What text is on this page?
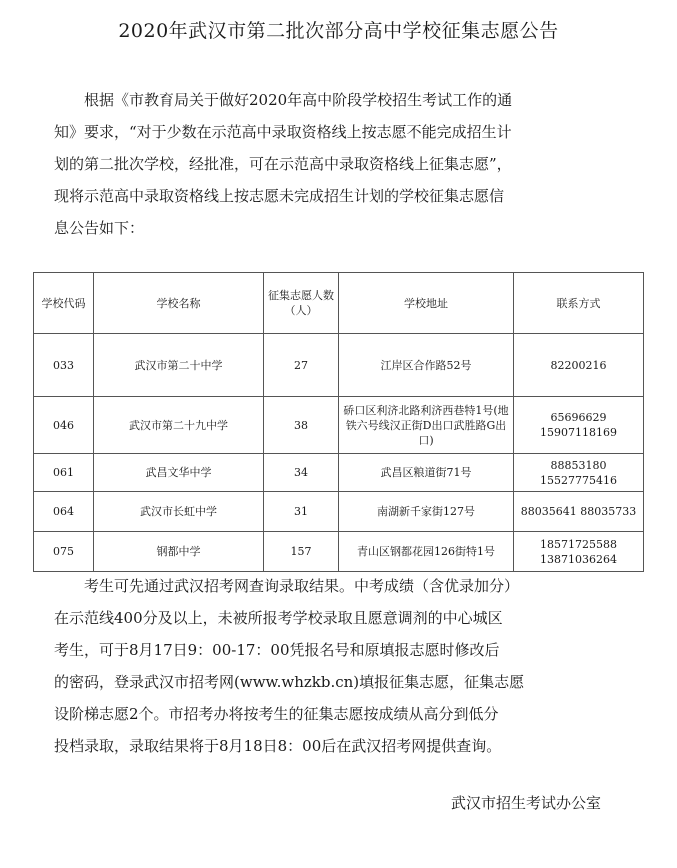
2020年武汉市第二批次部分高中学校征集志愿公告
根据《市教育局关于做好2020年高中阶段学校招生考试工作的通
知》要求，“对于少数在示范高中录取资格线上按志愿不能完成招生计
划的第二批次学校，经批准，可在示范高中录取资格线上征集志愿”，
现将示范高中录取资格线上按志愿未完成招生计划的学校征集志愿信
息公告如下：
学校代码	学校名称	征集志愿人数（人）	学校地址	联系方式
033	武汉市第二十中学	27	江岸区合作路52号	82200216
046	武汉市第二十九中学	38	硚口区利济北路利济西巷特1号(地铁六号线汉正街D出口武胜路G出口)	65696629 15907118169
061	武昌文华中学	34	武昌区粮道街71号	88853180 15527775416
064	武汉市长虹中学	31	南湖新千家街127号	88035641 88035733
075	钢都中学	157	青山区钢都花园126街特1号	18571725588 13871036264
考生可先通过武汉招考网查询录取结果。中考成绩（含优录加分）
在示范线400分及以上，未被所报考学校录取且愿意调剂的中心城区
考生，可于8月17日9：00-17：00凭报名号和原填报志愿时修改后
的密码，登录武汉市招考网(www.whzkb.cn)填报征集志愿，征集志愿
设阶梯志愿2个。市招考办将按考生的征集志愿按成绩从高分到低分
投档录取，录取结果将于8月18日8：00后在武汉招考网提供查询。
武汉市招生考试办公室
